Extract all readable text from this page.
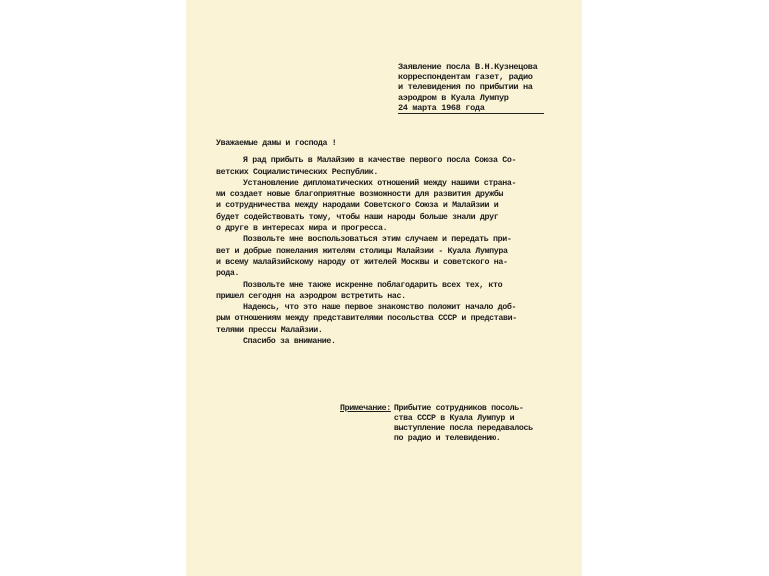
Заявление посла В.Н.Кузнецова
корреспондентам газет, радио
и телевидения по прибытии на
аэродром в Куала Лумпур
24 марта 1968 года
Уважаемые дамы и господа !
Я рад прибыть в Малайзию в качестве первого посла Союза Со-
ветских Социалистических Республик.
Установление дипломатических отношений между нашими страна-
ми создает новые благоприятные возможности для развития дружбы
и сотрудничества между народами Советского Союза и Малайзии и
будет содействовать тому, чтобы наши народы больше знали друг
о друге в интересах мира и прогресса.
Позвольте мне воспользоваться этим случаем и передать при-
вет и добрые пожелания жителям столицы Малайзии - Куала Лумпура
и всему малайзийскому народу от жителей Москвы и советского на-
рода.
Позвольте мне также искренне поблагодарить всех тех, кто
пришел сегодня на аэродром встретить нас.
Надеюсь, что это наше первое знакомство положит начало доб-
рым отношениям между представителями посольства СССР и представи-
телями прессы Малайзии.
Спасибо за внимание.
Примечание: Прибытие сотрудников посоль-
ства СССР в Куала Лумпур и
выступление посла передавалось
по радио и телевидению.
